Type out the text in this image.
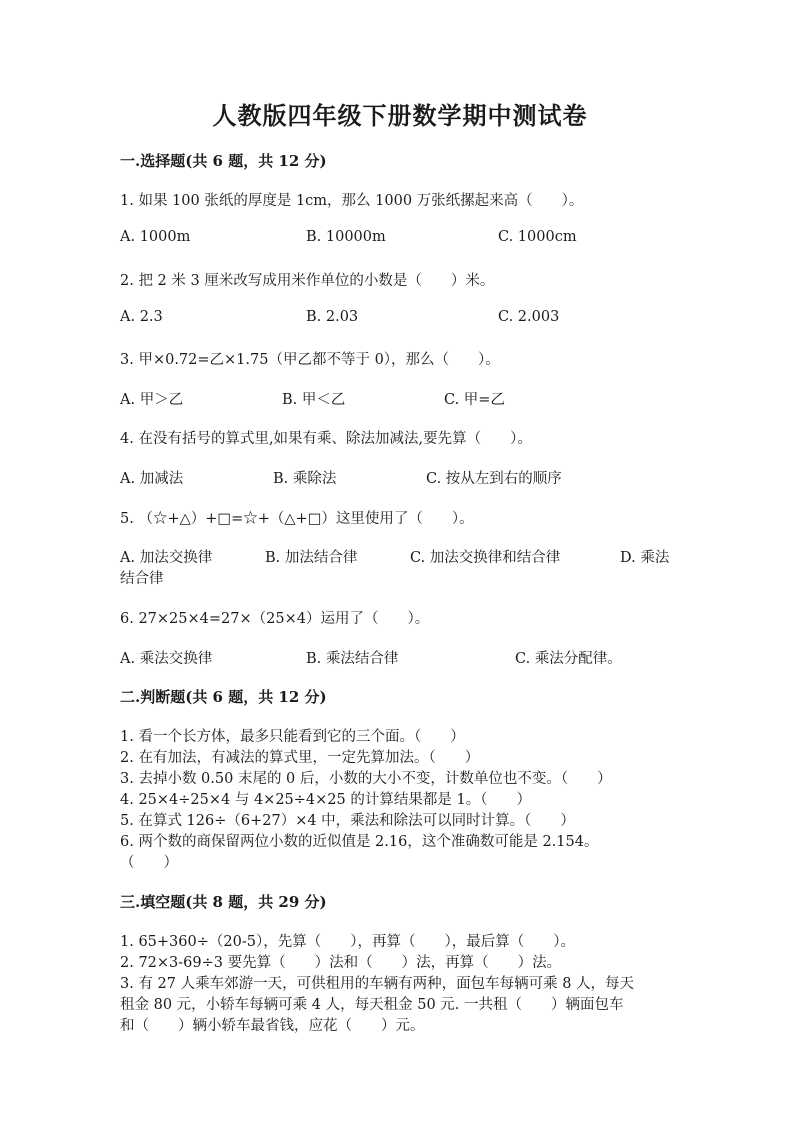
人教版四年级下册数学期中测试卷
一.选择题(共 6 题，共 12 分)
1. 如果 100 张纸的厚度是 1cm，那么 1000 万张纸摞起来高（　　）。
A. 1000m	B. 10000m	C. 1000cm
2. 把 2 米 3 厘米改写成用米作单位的小数是（　　）米。
A. 2.3	B. 2.03	C. 2.003
3. 甲×0.72=乙×1.75（甲乙都不等于 0），那么（　　）。
A. 甲＞乙	B. 甲＜乙	C. 甲=乙
4. 在没有括号的算式里,如果有乘、除法加减法,要先算（　　）。
A. 加减法	B. 乘除法	C. 按从左到右的顺序
5. （☆+△）+□=☆+（△+□）这里使用了（　　）。
A. 加法交换律	B. 加法结合律	C. 加法交换律和结合律	D. 乘法
结合律
6. 27×25×4=27×（25×4）运用了（　　）。
A. 乘法交换律	B. 乘法结合律	C. 乘法分配律。
二.判断题(共 6 题，共 12 分)
1. 看一个长方体，最多只能看到它的三个面。（　　）
2. 在有加法，有减法的算式里，一定先算加法。（　　）
3. 去掉小数 0.50 末尾的 0 后，小数的大小不变，计数单位也不变。（　　）
4. 25×4÷25×4 与 4×25÷4×25 的计算结果都是 1。（　　）
5. 在算式 126÷（6+27）×4 中，乘法和除法可以同时计算。（　　）
6. 两个数的商保留两位小数的近似值是 2.16，这个准确数可能是 2.154。
（　　）
三.填空题(共 8 题，共 29 分)
1. 65+360÷（20-5），先算（　　），再算（　　），最后算（　　）。
2. 72×3-69÷3 要先算（　　）法和（　　）法，再算（　　）法。
3. 有 27 人乘车郊游一天，可供租用的车辆有两种，面包车每辆可乘 8 人，每天
租金 80 元，小轿车每辆可乘 4 人，每天租金 50 元. 一共租（　　）辆面包车
和（　　）辆小轿车最省钱，应花（　　）元。
